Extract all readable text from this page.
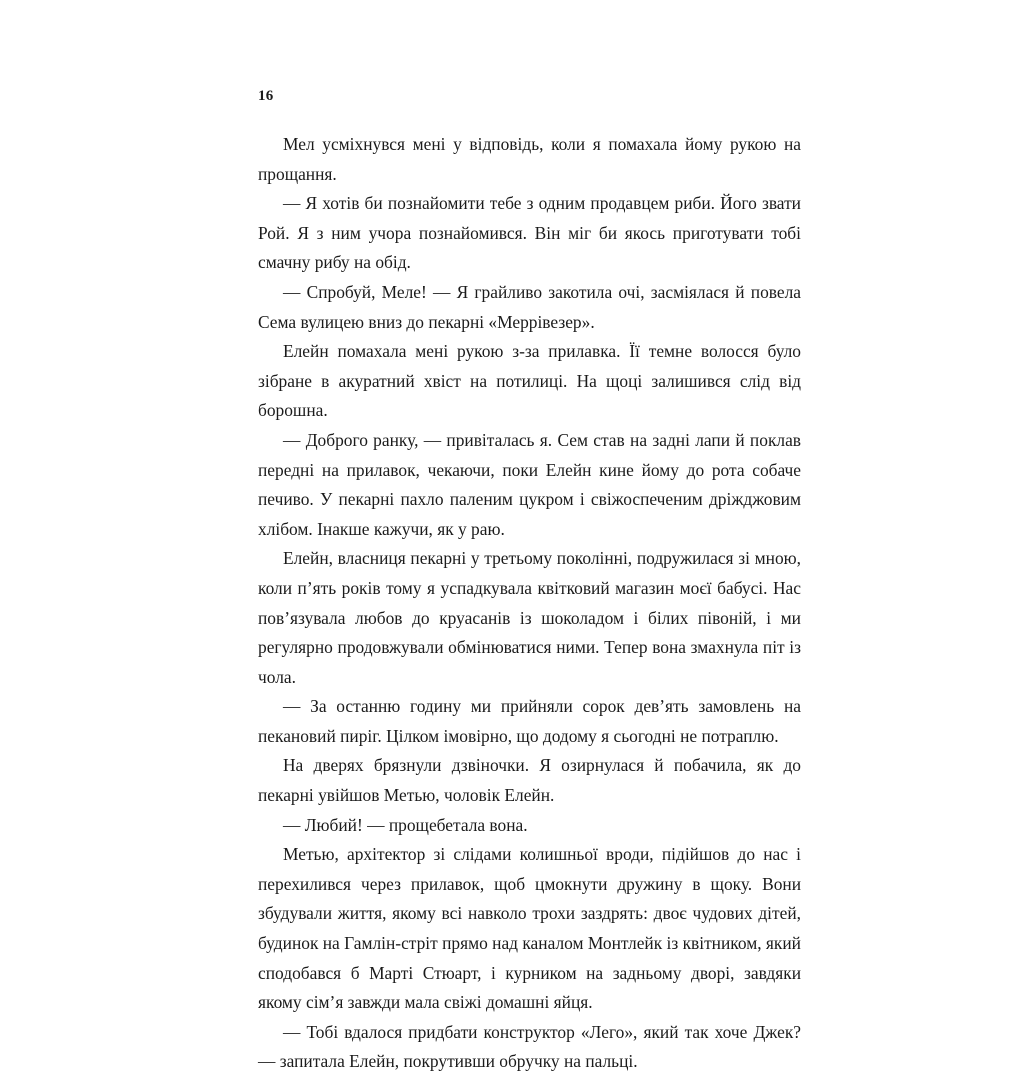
16

Мел усміхнувся мені у відповідь, коли я помахала йому рукою на прощання.

— Я хотів би познайомити тебе з одним продавцем риби. Його звати Рой. Я з ним учора познайомився. Він міг би якось приготувати тобі смачну рибу на обід.

— Спробуй, Меле! — Я грайливо закотила очі, засміялася й повела Сема вулицею вниз до пекарні «Меррівезер».

Елейн помахала мені рукою з-за прилавка. Її темне волосся було зібране в акуратний хвіст на потилиці. На щоці залишився слід від борошна.

— Доброго ранку, — привіталась я. Сем став на задні лапи й поклав передні на прилавок, чекаючи, поки Елейн кине йому до рота собаче печиво. У пекарні пахло паленим цукром і свіжоспеченим дріжджовим хлібом. Інакше кажучи, як у раю.

Елейн, власниця пекарні у третьому поколінні, подружилася зі мною, коли п’ять років тому я успадкувала квітковий магазин моєї бабусі. Нас пов’язувала любов до круасанів із шоколадом і білих півоній, і ми регулярно продовжували обмінюватися ними. Тепер вона змахнула піт із чола.

— За останню годину ми прийняли сорок дев’ять замовлень на пекановий пиріг. Цілком імовірно, що додому я сьогодні не потраплю.

На дверях брязнули дзвіночки. Я озирнулася й побачила, як до пекарні увійшов Метью, чоловік Елейн.

— Любий! — прощебетала вона.

Метью, архітектор зі слідами колишньої вроди, підійшов до нас і перехилився через прилавок, щоб цмокнути дружину в щоку. Вони збудували життя, якому всі навколо трохи заздрять: двоє чудових дітей, будинок на Гамлін-стріт прямо над каналом Монтлейк із квітником, який сподобався б Марті Стюарт, і курником на задньому дворі, завдяки якому сім’я завжди мала свіжі домашні яйця.

— Тобі вдалося придбати конструктор «Лего», який так хоче Джек? — запитала Елейн, покрутивши обручку на пальці.
